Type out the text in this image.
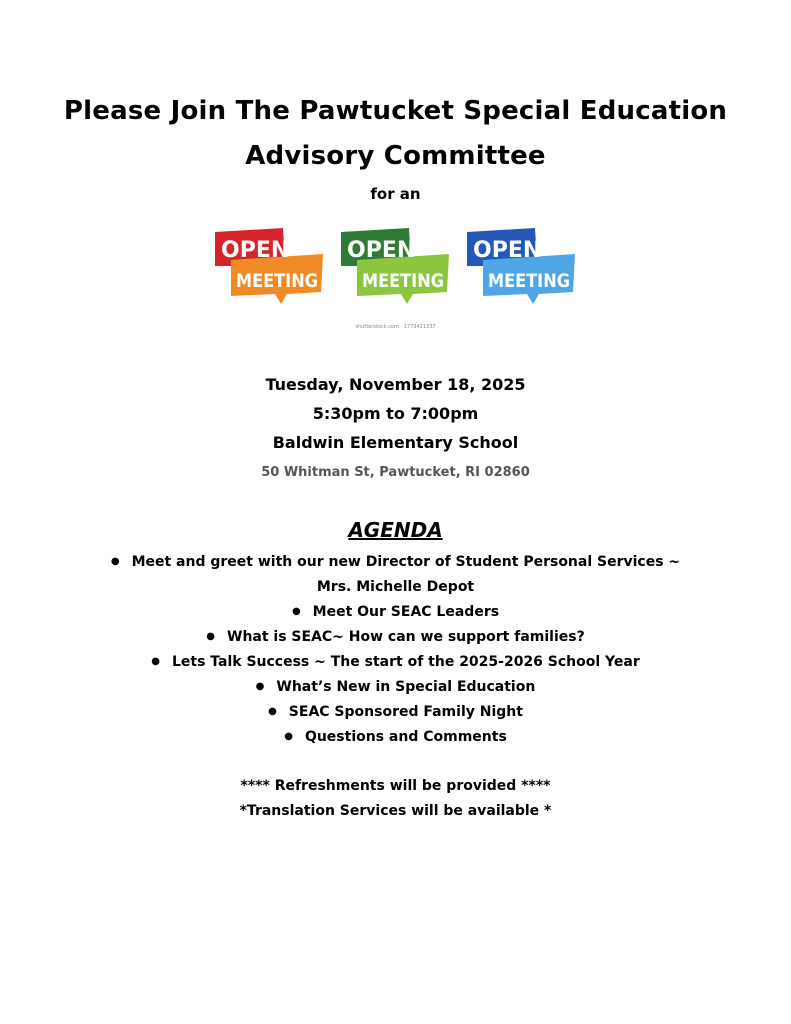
Please Join The Pawtucket Special Education
Advisory Committee
for an
OPEN
MEETING
OPEN
MEETING
OPEN
MEETING
shutterstock.com · 1773421337
Tuesday, November 18, 2025
5:30pm to 7:00pm
Baldwin Elementary School
50 Whitman St, Pawtucket, RI 02860
AGENDA
● Meet and greet with our new Director of Student Personal Services ~
Mrs. Michelle Depot
● Meet Our SEAC Leaders
● What is SEAC~ How can we support families?
● Lets Talk Success ~ The start of the 2025-2026 School Year
● What’s New in Special Education
● SEAC Sponsored Family Night
● Questions and Comments
**** Refreshments will be provided ****
*Translation Services will be available *
